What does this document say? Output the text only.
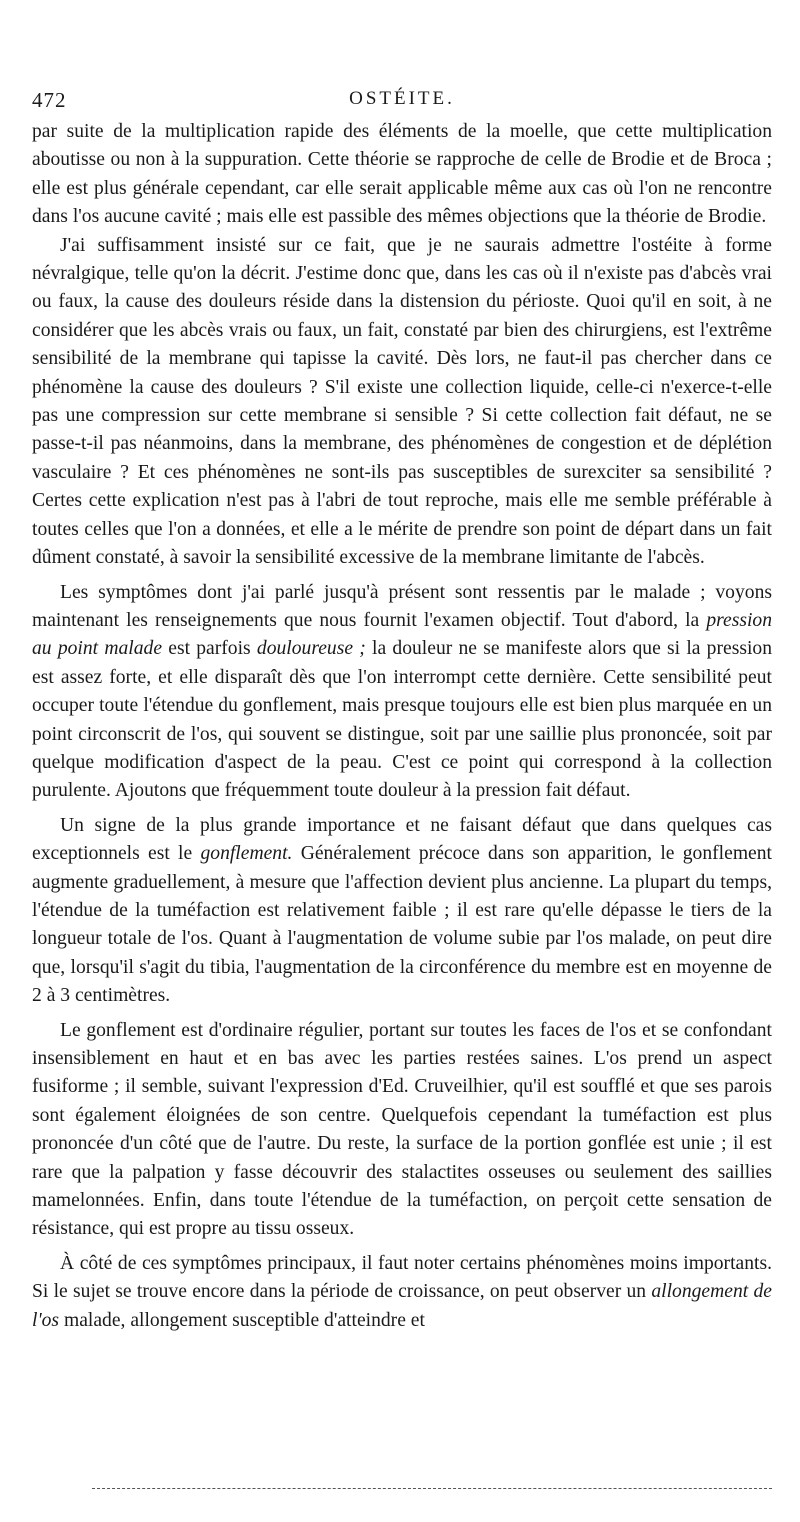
472	OSTÉITE.

par suite de la multiplication rapide des éléments de la moelle, que cette multiplication aboutisse ou non à la suppuration. Cette théorie se rapproche de celle de Brodie et de Broca ; elle est plus générale cependant, car elle serait applicable même aux cas où l'on ne rencontre dans l'os aucune cavité ; mais elle est passible des mêmes objections que la théorie de Brodie.

J'ai suffisamment insisté sur ce fait, que je ne saurais admettre l'ostéite à forme névralgique, telle qu'on la décrit. J'estime donc que, dans les cas où il n'existe pas d'abcès vrai ou faux, la cause des douleurs réside dans la distension du périoste. Quoi qu'il en soit, à ne considérer que les abcès vrais ou faux, un fait, constaté par bien des chirurgiens, est l'extrême sensibilité de la membrane qui tapisse la cavité. Dès lors, ne faut-il pas chercher dans ce phénomène la cause des douleurs ? S'il existe une collection liquide, celle-ci n'exerce-t-elle pas une compression sur cette membrane si sensible ? Si cette collection fait défaut, ne se passe-t-il pas néanmoins, dans la membrane, des phénomènes de congestion et de déplétion vasculaire ? Et ces phénomènes ne sont-ils pas susceptibles de surexciter sa sensibilité ? Certes cette explication n'est pas à l'abri de tout reproche, mais elle me semble préférable à toutes celles que l'on a données, et elle a le mérite de prendre son point de départ dans un fait dûment constaté, à savoir la sensibilité excessive de la membrane limitante de l'abcès.

Les symptômes dont j'ai parlé jusqu'à présent sont ressentis par le malade ; voyons maintenant les renseignements que nous fournit l'examen objectif. Tout d'abord, la pression au point malade est parfois douloureuse ; la douleur ne se manifeste alors que si la pression est assez forte, et elle disparaît dès que l'on interrompt cette dernière. Cette sensibilité peut occuper toute l'étendue du gonflement, mais presque toujours elle est bien plus marquée en un point circonscrit de l'os, qui souvent se distingue, soit par une saillie plus prononcée, soit par quelque modification d'aspect de la peau. C'est ce point qui correspond à la collection purulente. Ajoutons que fréquemment toute douleur à la pression fait défaut.

Un signe de la plus grande importance et ne faisant défaut que dans quelques cas exceptionnels est le gonflement. Généralement précoce dans son apparition, le gonflement augmente graduellement, à mesure que l'affection devient plus ancienne. La plupart du temps, l'étendue de la tuméfaction est relativement faible ; il est rare qu'elle dépasse le tiers de la longueur totale de l'os. Quant à l'augmentation de volume subie par l'os malade, on peut dire que, lorsqu'il s'agit du tibia, l'augmentation de la circonférence du membre est en moyenne de 2 à 3 centimètres.

Le gonflement est d'ordinaire régulier, portant sur toutes les faces de l'os et se confondant insensiblement en haut et en bas avec les parties restées saines. L'os prend un aspect fusiforme ; il semble, suivant l'expression d'Ed. Cruveilhier, qu'il est soufflé et que ses parois sont également éloignées de son centre. Quelquefois cependant la tuméfaction est plus prononcée d'un côté que de l'autre. Du reste, la surface de la portion gonflée est unie ; il est rare que la palpation y fasse découvrir des stalactites osseuses ou seulement des saillies mamelonnées. Enfin, dans toute l'étendue de la tuméfaction, on perçoit cette sensation de résistance, qui est propre au tissu osseux.

À côté de ces symptômes principaux, il faut noter certains phénomènes moins importants. Si le sujet se trouve encore dans la période de croissance, on peut observer un allongement de l'os malade, allongement susceptible d'atteindre et
